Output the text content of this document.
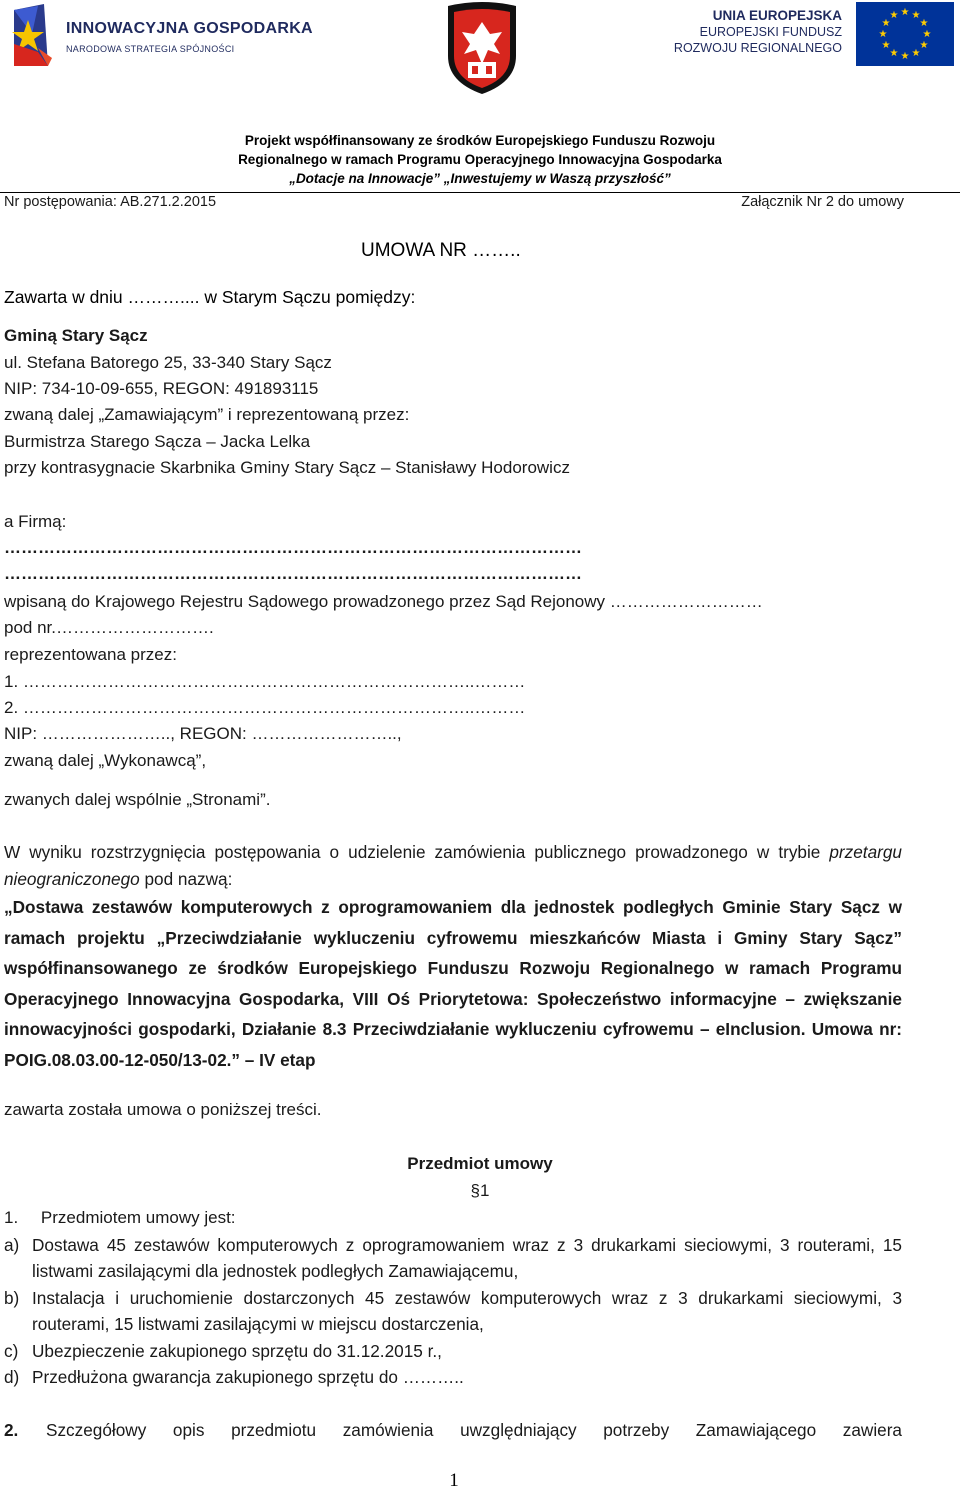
INNOWACYJNA GOSPODARKA
NARODOWA STRATEGIA SPÓJNOŚCI
UNIA EUROPEJSKA
EUROPEJSKI FUNDUSZ
ROZWOJU REGIONALNEGO
★ ★
★
★
★
★
★
★
★
★
★
★
Projekt współfinansowany ze środków Europejskiego Funduszu Rozwoju
Regionalnego w ramach Programu Operacyjnego Innowacyjna Gospodarka
„Dotacje na Innowacje” „Inwestujemy w Waszą przyszłość”
Nr postępowania: AB.271.2.2015	Załącznik Nr 2 do umowy
UMOWA NR ……..
Zawarta w dniu ……….... w Starym Sączu pomiędzy:
Gminą Stary Sącz
ul. Stefana Batorego 25, 33-340 Stary Sącz
NIP: 734-10-09-655, REGON: 491893115
zwaną dalej „Zamawiającym” i reprezentowaną przez:
Burmistrza Starego Sącza – Jacka Lelka
przy kontrasygnacie Skarbnika Gminy Stary Sącz – Stanisławy Hodorowicz
a Firmą:
…………………………………………………………………………………………
…………………………………………………………………………………………
wpisaną do Krajowego Rejestru Sądowego prowadzonego przez Sąd Rejonowy ………………………
pod nr.……………………….
reprezentowana przez:
1. ……………………………………………………………………..………
2. ……………………………………………………………………..………
NIP: ………………….., REGON: ……………………..,
zwaną dalej „Wykonawcą”,
zwanych dalej wspólnie „Stronami”.
W wyniku rozstrzygnięcia postępowania o udzielenie zamówienia publicznego prowadzonego w trybie przetargu nieograniczonego pod nazwą:
„Dostawa zestawów komputerowych z oprogramowaniem dla jednostek podległych Gminie Stary Sącz w ramach projektu „Przeciwdziałanie wykluczeniu cyfrowemu mieszkańców Miasta i Gminy Stary Sącz” współfinansowanego ze środków Europejskiego Funduszu Rozwoju Regionalnego w ramach Programu Operacyjnego Innowacyjna Gospodarka, VIII Oś Priorytetowa: Społeczeństwo informacyjne – zwiększanie innowacyjności gospodarki, Działanie 8.3 Przeciwdziałanie wykluczeniu cyfrowemu – eInclusion. Umowa nr: POIG.08.03.00-12-050/13-02.” – IV etap
zawarta została umowa o poniższej treści.
Przedmiot umowy
§1
1. Przedmiotem umowy jest:
a) Dostawa 45 zestawów komputerowych z oprogramowaniem wraz z 3 drukarkami sieciowymi, 3 routerami, 15 listwami zasilającymi dla jednostek podległych Zamawiającemu,
b) Instalacja i uruchomienie dostarczonych 45 zestawów komputerowych wraz z 3 drukarkami sieciowymi, 3 routerami, 15 listwami zasilającymi w miejscu dostarczenia,
c) Ubezpieczenie zakupionego sprzętu do 31.12.2015 r.,
d) Przedłużona gwarancja zakupionego sprzętu do ………..
2. Szczegółowy opis przedmiotu zamówienia uwzględniający potrzeby Zamawiającego zawiera
1
